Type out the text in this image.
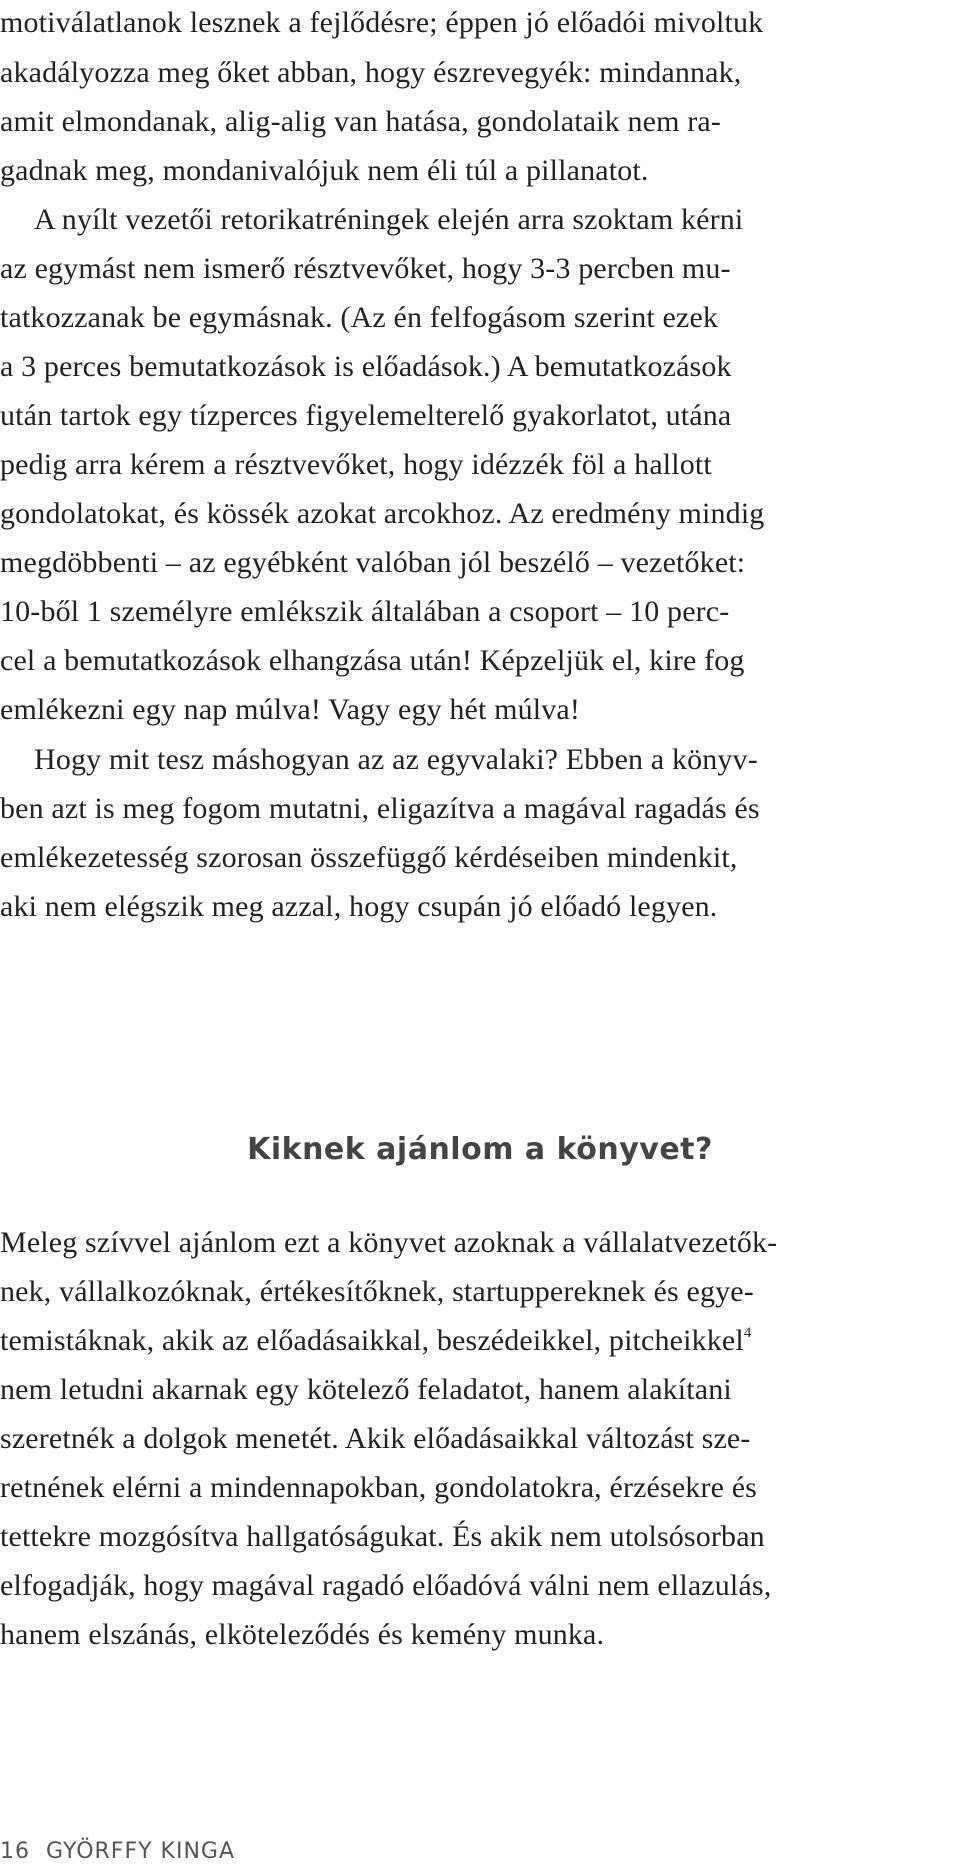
motiválatlanok lesznek a fejlődésre; éppen jó előadói mivoltuk
akadályozza meg őket abban, hogy észrevegyék: mindannak,
amit elmondanak, alig-alig van hatása, gondolataik nem ra-
gadnak meg, mondanivalójuk nem éli túl a pillanatot.
A nyílt vezetői retorikatréningek elején arra szoktam kérni
az egymást nem ismerő résztvevőket, hogy 3-3 percben mu-
tatkozzanak be egymásnak. (Az én felfogásom szerint ezek
a 3 perces bemutatkozások is előadások.) A bemutatkozások
után tartok egy tízperces figyelemelterelő gyakorlatot, utána
pedig arra kérem a résztvevőket, hogy idézzék föl a hallott
gondolatokat, és kössék azokat arcokhoz. Az eredmény mindig
megdöbbenti – az egyébként valóban jól beszélő – vezetőket:
10-ből 1 személyre emlékszik általában a csoport – 10 perc-
cel a bemutatkozások elhangzása után! Képzeljük el, kire fog
emlékezni egy nap múlva! Vagy egy hét múlva!
Hogy mit tesz máshogyan az az egyvalaki? Ebben a könyv-
ben azt is meg fogom mutatni, eligazítva a magával ragadás és
emlékezetesség szorosan összefüggő kérdéseiben mindenkit,
aki nem elégszik meg azzal, hogy csupán jó előadó legyen.
Kiknek ajánlom a könyvet?
Meleg szívvel ajánlom ezt a könyvet azoknak a vállalatvezetők-
nek, vállalkozóknak, értékesítőknek, startuppereknek és egye-
temistáknak, akik az előadásaikkal, beszédeikkel, pitcheikkel$^4$
nem letudni akarnak egy kötelező feladatot, hanem alakítani
szeretnék a dolgok menetét. Akik előadásaikkal változást sze-
retnének elérni a mindennapokban, gondolatokra, érzésekre és
tettekre mozgósítva hallgatóságukat. És akik nem utolsósorban
elfogadják, hogy magával ragadó előadóvá válni nem ellazulás,
hanem elszánás, elköteleződés és kemény munka.
16 GYÖRFFY KINGA
